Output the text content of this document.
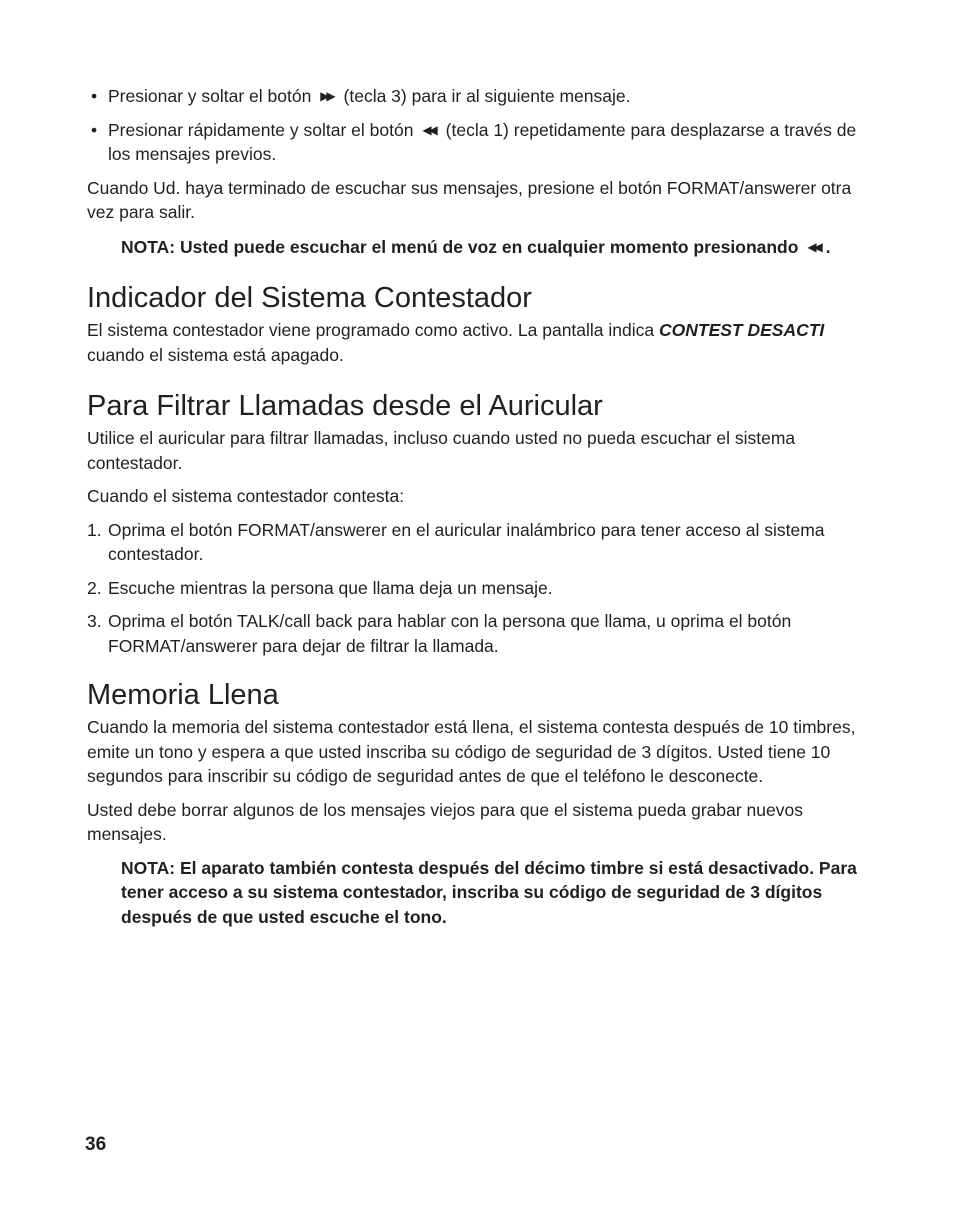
• Presionar y soltar el botón ▶▶ (tecla 3) para ir al siguiente mensaje.
• Presionar rápidamente y soltar el botón ◀◀ (tecla 1) repetidamente para desplazarse a través de los mensajes previos.

Cuando Ud. haya terminado de escuchar sus mensajes, presione el botón FORMAT/answerer otra vez para salir.

NOTA: Usted puede escuchar el menú de voz en cualquier momento presionando ◀◀ .

Indicador del Sistema Contestador

El sistema contestador viene programado como activo. La pantalla indica CONTEST DESACTI cuando el sistema está apagado.

Para Filtrar Llamadas desde el Auricular

Utilice el auricular para filtrar llamadas, incluso cuando usted no pueda escuchar el sistema contestador.

Cuando el sistema contestador contesta:

1. Oprima el botón FORMAT/answerer en el auricular inalámbrico para tener acceso al sistema contestador.
2. Escuche mientras la persona que llama deja un mensaje.
3. Oprima el botón TALK/call back para hablar con la persona que llama, u oprima el botón FORMAT/answerer para dejar de filtrar la llamada.
Memoria Llena

Cuando la memoria del sistema contestador está llena, el sistema contesta después de 10 timbres, emite un tono y espera a que usted inscriba su código de seguridad de 3 dígitos. Usted tiene 10 segundos para inscribir su código de seguridad antes de que el teléfono le desconecte.

Usted debe borrar algunos de los mensajes viejos para que el sistema pueda grabar nuevos mensajes.

NOTA: El aparato también contesta después del décimo timbre si está desactivado. Para tener acceso a su sistema contestador, inscriba su código de seguridad de 3 dígitos después de que usted escuche el tono.

36
